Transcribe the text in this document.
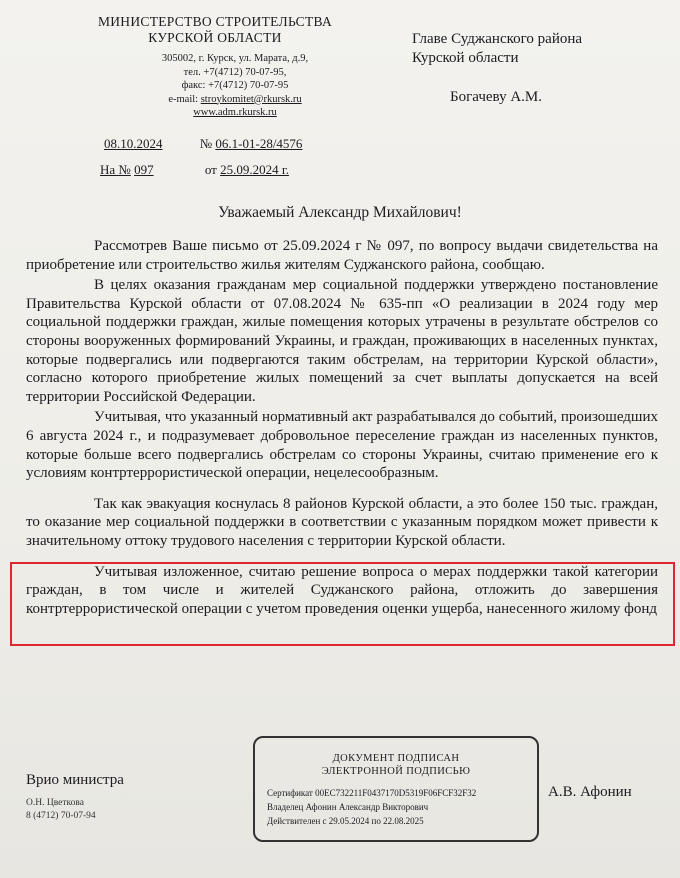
МИНИСТЕРСТВО СТРОИТЕЛЬСТВА
КУРСКОЙ ОБЛАСТИ
305002, г. Курск, ул. Марата, д.9,
тел. +7(4712) 70-07-95,
факс: +7(4712) 70-07-95
e-mail: stroykomitet@rkursk.ru
www.adm.rkursk.ru
08.10.2024	№ 06.1-01-28/4576
На № 097	от 25.09.2024 г.
Главе Суджанского района
Курской области
Богачеву А.М.
Уважаемый Александр Михайлович!

Рассмотрев Ваше письмо от 25.09.2024 г № 097, по вопросу выдачи свидетельства на приобретение или строительство жилья жителям Суджанского района, сообщаю.

В целях оказания гражданам мер социальной поддержки утверждено постановление Правительства Курской области от 07.08.2024 № 635-пп «О реализации в 2024 году мер социальной поддержки граждан, жилые помещения которых утрачены в результате обстрелов со стороны вооруженных формирований Украины, и граждан, проживающих в населенных пунктах, которые подвергались или подвергаются таким обстрелам, на территории Курской области», согласно которого приобретение жилых помещений за счет выплаты допускается на всей территории Российской Федерации.

Учитывая, что указанный нормативный акт разрабатывался до событий, произошедших 6 августа 2024 г., и подразумевает добровольное переселение граждан из населенных пунктов, которые больше всего подвергались обстрелам со стороны Украины, считаю применение его к условиям контртеррористической операции, нецелесообразным.

Так как эвакуация коснулась 8 районов Курской области, а это более 150 тыс. граждан, то оказание мер социальной поддержки в соответствии с указанным порядком может привести к значительному оттоку трудового населения с территории Курской области.

Учитывая изложенное, считаю решение вопроса о мерах поддержки такой категории граждан, в том числе и жителей Суджанского района, отложить до завершения контртеррористической операции с учетом проведения оценки ущерба, нанесенного жилому фонд

Врио министра
О.Н. Цветкова
8 (4712) 70-07-94
ДОКУМЕНТ ПОДПИСАН
ЭЛЕКТРОННОЙ ПОДПИСЬЮ
Сертификат 00EC732211F0437170D5319F06FCF32F32
Владелец Афонин Александр Викторович
Действителен с 29.05.2024 по 22.08.2025
А.В. Афонин
